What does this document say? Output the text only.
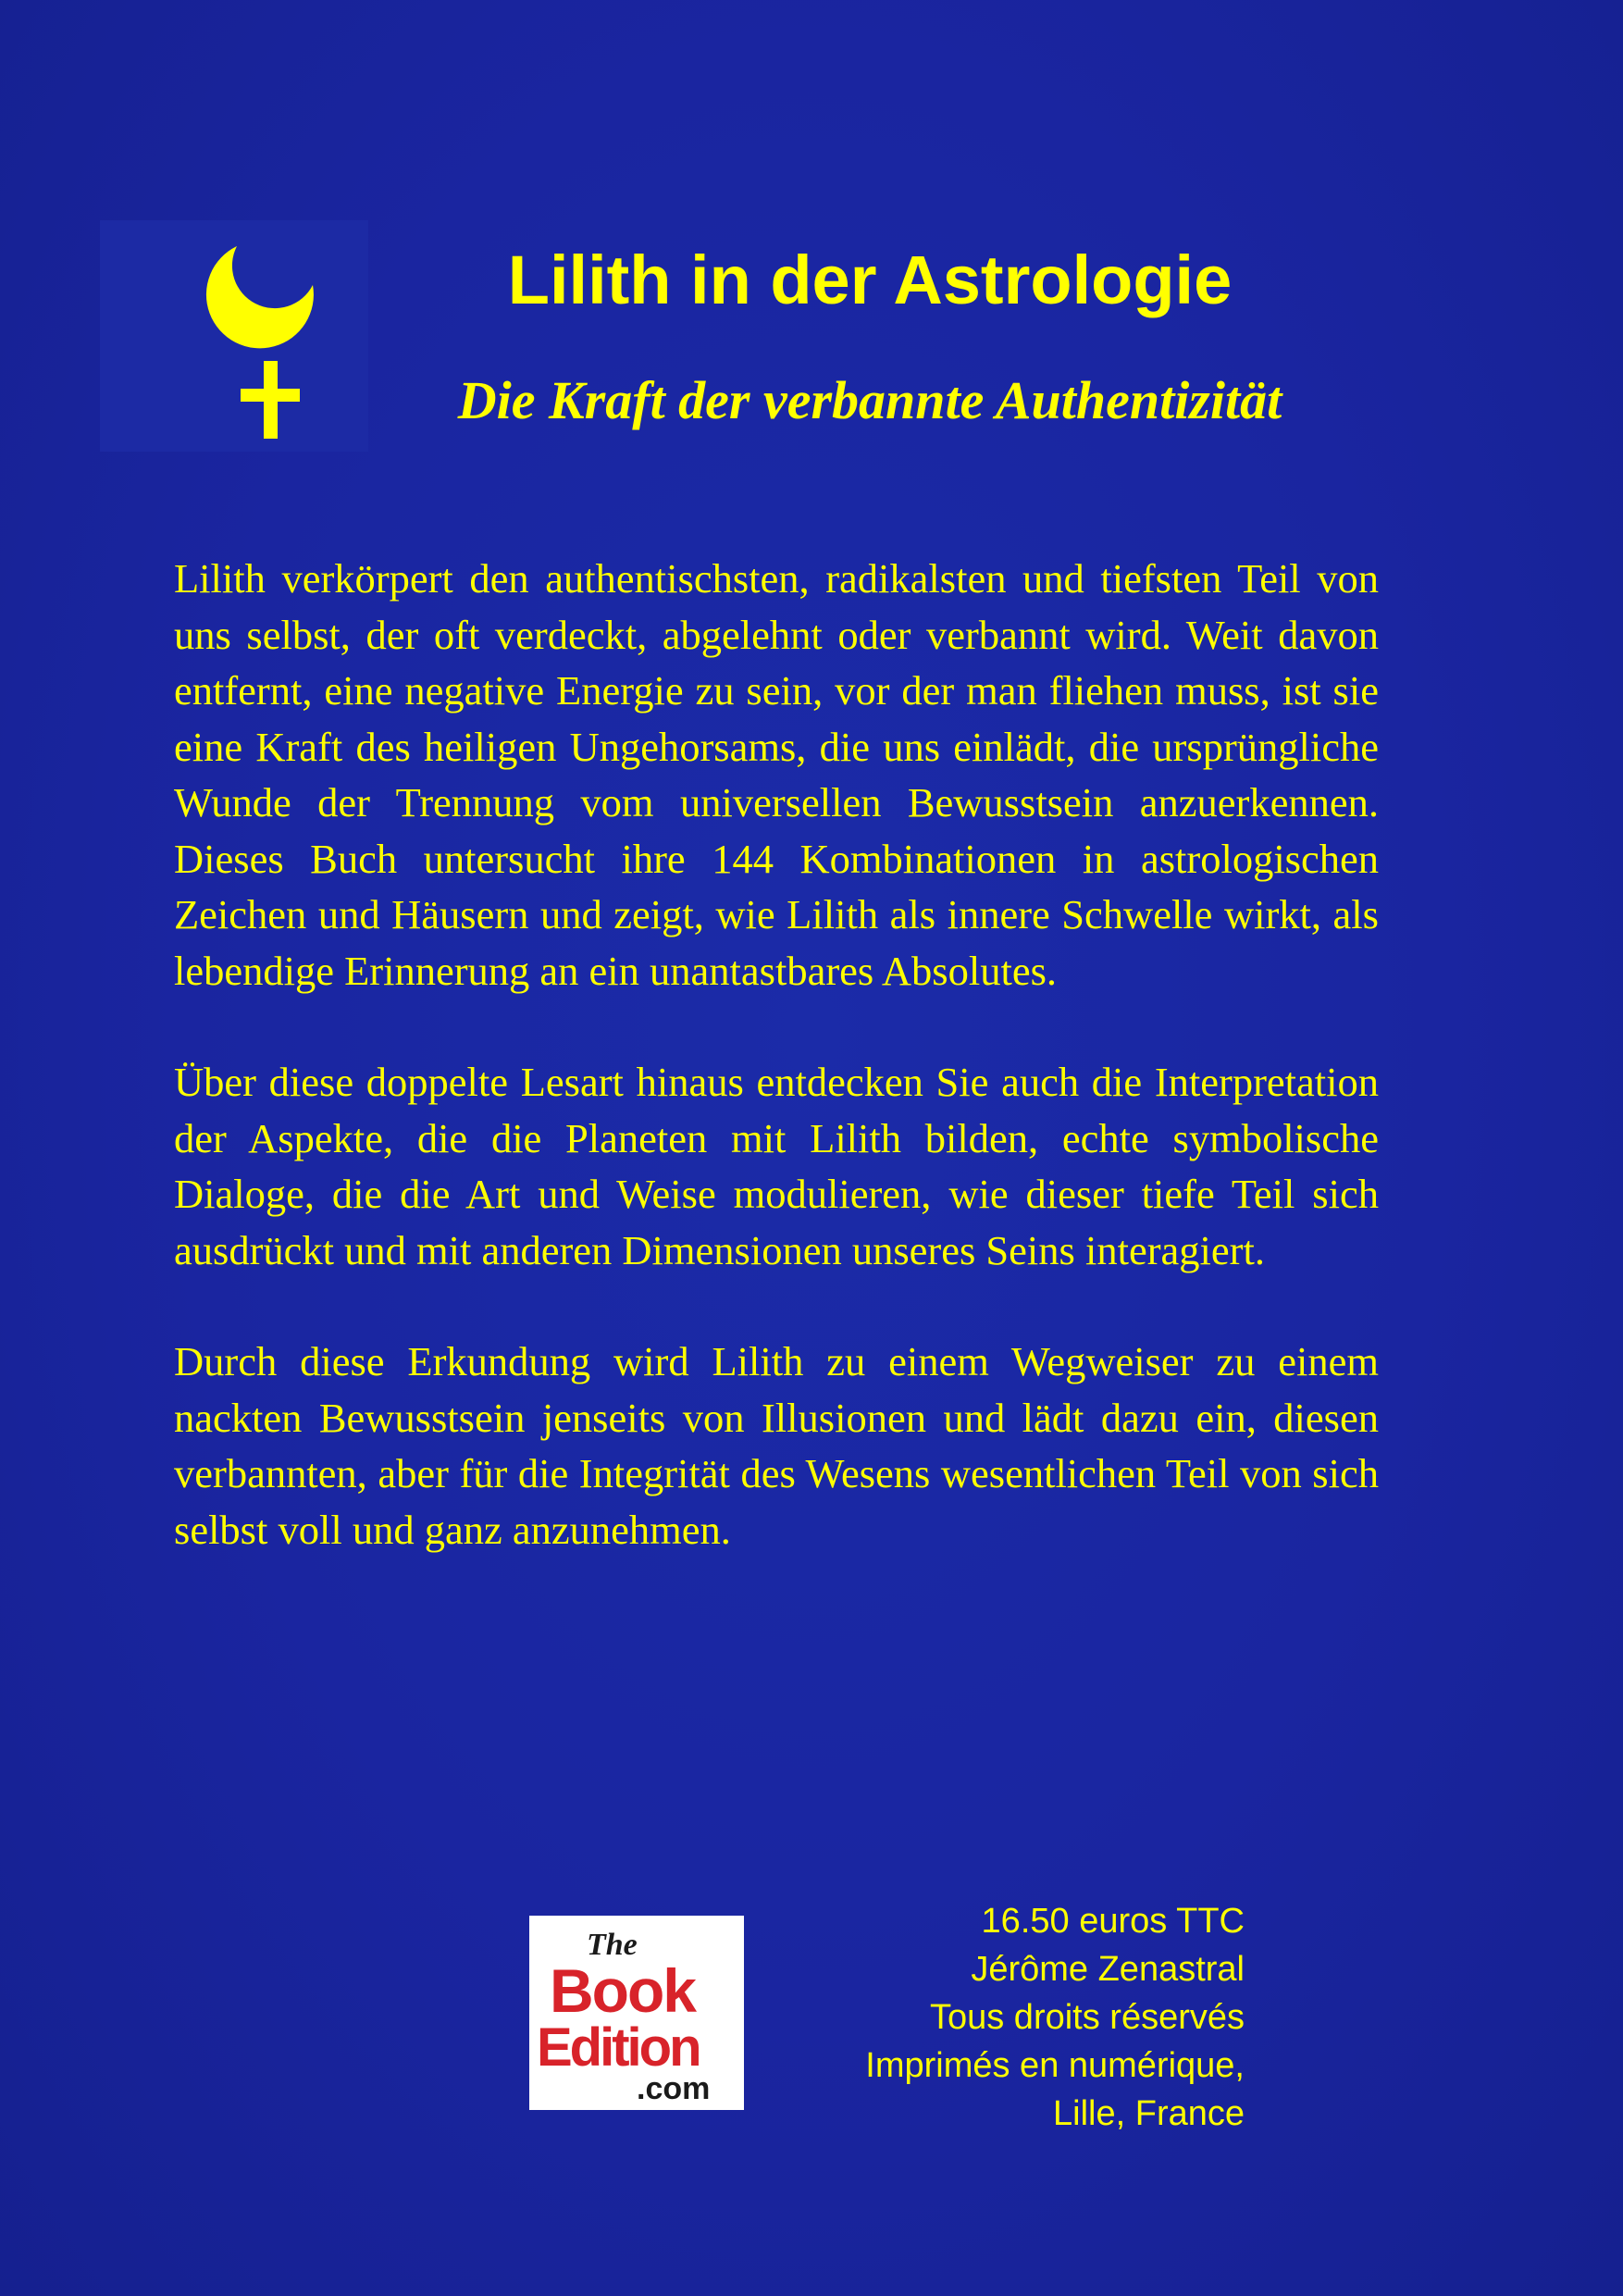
Lilith in der Astrologie
Die Kraft der verbannte Authentizität

Lilith verkörpert den authentischsten, radikalsten und tiefsten Teil von uns selbst, der oft verdeckt, abgelehnt oder verbannt wird. Weit davon entfernt, eine negative Energie zu sein, vor der man fliehen muss, ist sie eine Kraft des heiligen Ungehorsams, die uns einlädt, die ursprüngliche Wunde der Trennung vom universellen Bewusstsein anzuerkennen. Dieses Buch untersucht ihre 144 Kombinationen in astrologischen Zeichen und Häusern und zeigt, wie Lilith als innere Schwelle wirkt, als lebendige Erinnerung an ein unantastbares Absolutes.

Über diese doppelte Lesart hinaus entdecken Sie auch die Interpretation der Aspekte, die die Planeten mit Lilith bilden, echte symbolische Dialoge, die die Art und Weise modulieren, wie dieser tiefe Teil sich ausdrückt und mit anderen Dimensionen unseres Seins interagiert.

Durch diese Erkundung wird Lilith zu einem Wegweiser zu einem nackten Bewusstsein jenseits von Illusionen und lädt dazu ein, diesen verbannten, aber für die Integrität des Wesens wesentlichen Teil von sich selbst voll und ganz anzunehmen.

The
Book
Edition
.com
16.50 euros TTC
Jérôme Zenastral
Tous droits réservés
Imprimés en numérique,
Lille, France
